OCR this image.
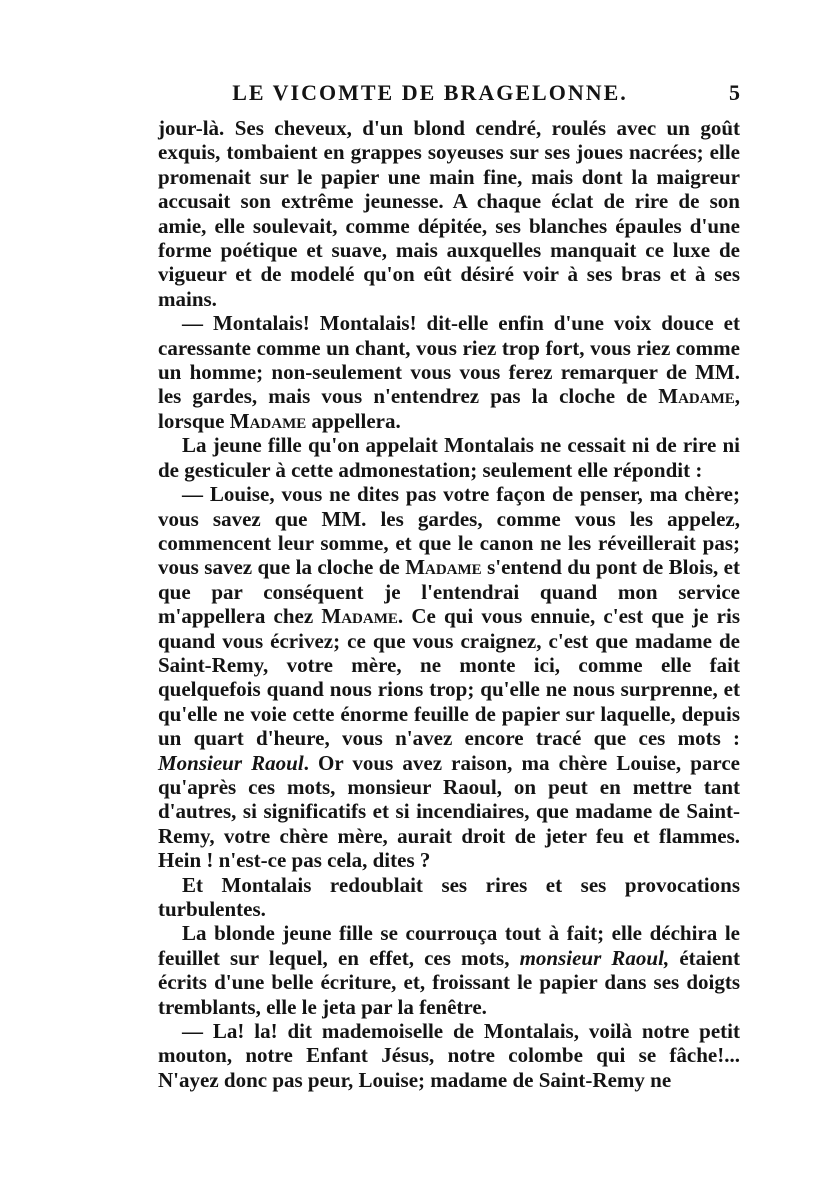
LE VICOMTE DE BRAGELONNE.	5

jour-là. Ses cheveux, d'un blond cendré, roulés avec un goût exquis, tombaient en grappes soyeuses sur ses joues nacrées; elle promenait sur le papier une main fine, mais dont la maigreur accusait son extrême jeunesse. A chaque éclat de rire de son amie, elle soulevait, comme dépitée, ses blanches épaules d'une forme poétique et suave, mais auxquelles manquait ce luxe de vigueur et de modelé qu'on eût désiré voir à ses bras et à ses mains.

— Montalais! Montalais! dit-elle enfin d'une voix douce et caressante comme un chant, vous riez trop fort, vous riez comme un homme; non-seulement vous vous ferez remarquer de MM. les gardes, mais vous n'entendrez pas la cloche de Madame, lorsque Madame appellera.

La jeune fille qu'on appelait Montalais ne cessait ni de rire ni de gesticuler à cette admonestation; seulement elle répondit :

— Louise, vous ne dites pas votre façon de penser, ma chère; vous savez que MM. les gardes, comme vous les appelez, commencent leur somme, et que le canon ne les réveillerait pas; vous savez que la cloche de Madame s'entend du pont de Blois, et que par conséquent je l'entendrai quand mon service m'appellera chez Madame. Ce qui vous ennuie, c'est que je ris quand vous écrivez; ce que vous craignez, c'est que madame de Saint-Remy, votre mère, ne monte ici, comme elle fait quelquefois quand nous rions trop; qu'elle ne nous surprenne, et qu'elle ne voie cette énorme feuille de papier sur laquelle, depuis un quart d'heure, vous n'avez encore tracé que ces mots : Monsieur Raoul. Or vous avez raison, ma chère Louise, parce qu'après ces mots, monsieur Raoul, on peut en mettre tant d'autres, si significatifs et si incendiaires, que madame de Saint-Remy, votre chère mère, aurait droit de jeter feu et flammes. Hein ! n'est-ce pas cela, dites ?

Et Montalais redoublait ses rires et ses provocations turbulentes.

La blonde jeune fille se courrouça tout à fait; elle déchira le feuillet sur lequel, en effet, ces mots, monsieur Raoul, étaient écrits d'une belle écriture, et, froissant le papier dans ses doigts tremblants, elle le jeta par la fenêtre.

— La! la! dit mademoiselle de Montalais, voilà notre petit mouton, notre Enfant Jésus, notre colombe qui se fâche!... N'ayez donc pas peur, Louise; madame de Saint-Remy ne
